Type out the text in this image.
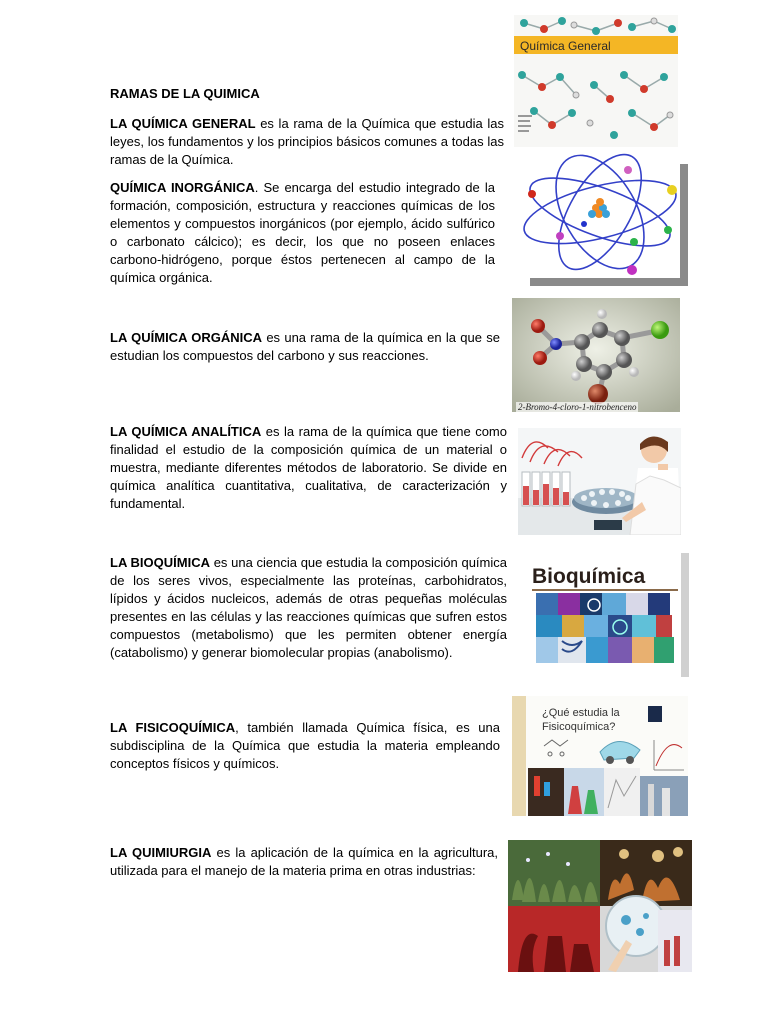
RAMAS DE LA QUIMICA
LA QUÍMICA GENERAL es la rama de la Química que estudia las leyes, los fundamentos y los principios básicos comunes a todas las ramas de la Química.
QUÍMICA INORGÁNICA. Se encarga del estudio integrado de la formación, composición, estructura y reacciones químicas de los elementos y compuestos inorgánicos (por ejemplo, ácido sulfúrico o carbonato cálcico); es decir, los que no poseen enlaces carbono-hidrógeno, porque éstos pertenecen al campo de la química orgánica.
LA QUÍMICA ORGÁNICA es una rama de la química en la que se estudian los compuestos del carbono y sus reacciones.
LA QUÍMICA ANALÍTICA es la rama de la química que tiene como finalidad el estudio de la composición química de un material o muestra, mediante diferentes métodos de laboratorio. Se divide en química analítica cuantitativa, cualitativa, de caracterización y fundamental.
LA BIOQUÍMICA es una ciencia que estudia la composición química de los seres vivos, especialmente las proteínas, carbohidratos, lípidos y ácidos nucleicos, además de otras pequeñas moléculas presentes en las células y las reacciones químicas que sufren estos compuestos (metabolismo) que les permiten obtener energía (catabolismo) y generar biomolecular propias (anabolismo).
LA FISICOQUÍMICA, también llamada Química física, es una subdisciplina de la Química que estudia la materia empleando conceptos físicos y químicos.
LA QUIMIURGIA es la aplicación de la química en la agricultura, utilizada para el manejo de la materia prima en otras industrias:
Química General
2-Bromo-4-cloro-1-nitrobenceno
Bioquímica
¿Qué estudia la
Fisicoquímica?
